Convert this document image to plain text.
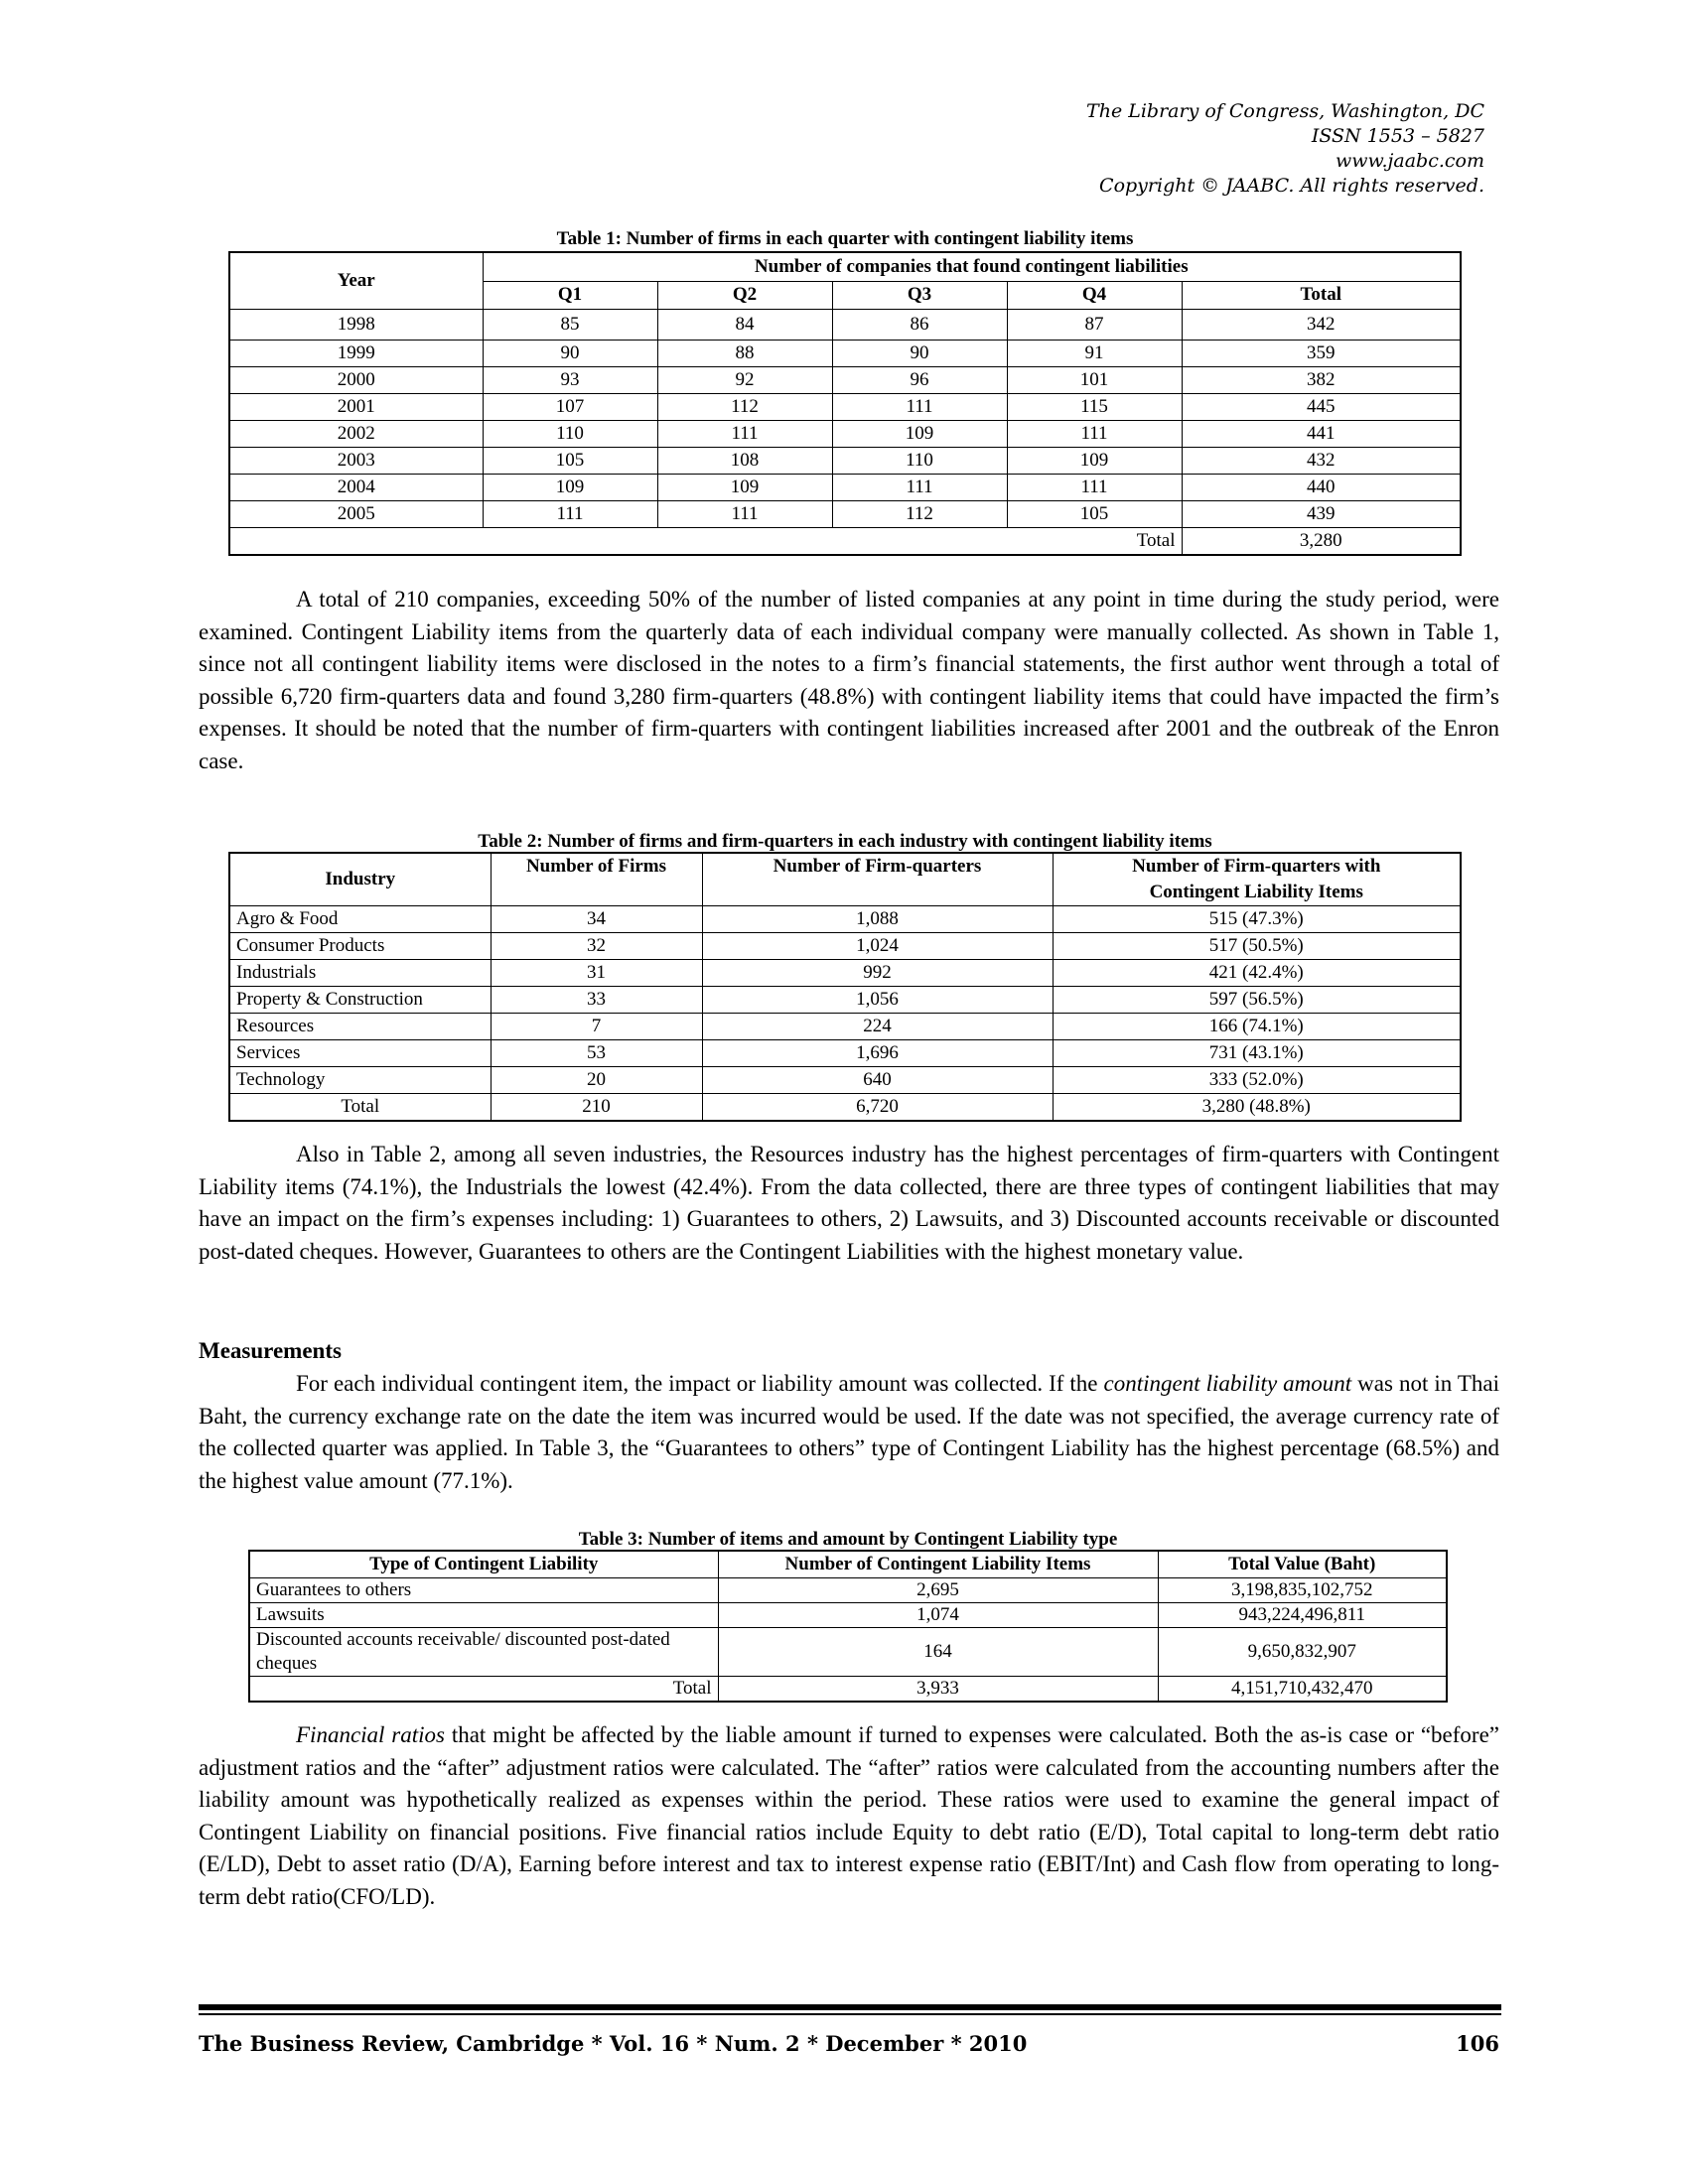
The Library of Congress, Washington, DC
ISSN 1553 – 5827
www.jaabc.com
Copyright © JAABC. All rights reserved.
Table 1: Number of firms in each quarter with contingent liability items
Year	Number of companies that found contingent liabilities				
	Q1	Q2	Q3	Q4	Total
1998	85	84	86	87	342
1999	90	88	90	91	359
2000	93	92	96	101	382
2001	107	112	111	115	445
2002	110	111	109	111	441
2003	105	108	110	109	432
2004	109	109	111	111	440
2005	111	111	112	105	439
Total					3,280
A total of 210 companies, exceeding 50% of the number of listed companies at any point in time during the study period, were examined. Contingent Liability items from the quarterly data of each individual company were manually collected. As shown in Table 1, since not all contingent liability items were disclosed in the notes to a firm’s financial statements, the first author went through a total of possible 6,720 firm-quarters data and found 3,280 firm-quarters (48.8%) with contingent liability items that could have impacted the firm’s expenses. It should be noted that the number of firm-quarters with contingent liabilities increased after 2001 and the outbreak of the Enron case.
Table 2: Number of firms and firm-quarters in each industry with contingent liability items
Industry	Number of Firms	Number of Firm-quarters	Number of Firm-quarters with
Contingent Liability Items
Agro & Food	34	1,088	515 (47.3%)
Consumer Products	32	1,024	517 (50.5%)
Industrials	31	992	421 (42.4%)
Property & Construction	33	1,056	597 (56.5%)
Resources	7	224	166 (74.1%)
Services	53	1,696	731 (43.1%)
Technology	20	640	333 (52.0%)
Total	210	6,720	3,280 (48.8%)
Also in Table 2, among all seven industries, the Resources industry has the highest percentages of firm-quarters with Contingent Liability items (74.1%), the Industrials the lowest (42.4%). From the data collected, there are three types of contingent liabilities that may have an impact on the firm’s expenses including: 1) Guarantees to others, 2) Lawsuits, and 3) Discounted accounts receivable or discounted post-dated cheques. However, Guarantees to others are the Contingent Liabilities with the highest monetary value.
Measurements
For each individual contingent item, the impact or liability amount was collected. If the contingent liability amount was not in Thai Baht, the currency exchange rate on the date the item was incurred would be used. If the date was not specified, the average currency rate of the collected quarter was applied. In Table 3, the “Guarantees to others” type of Contingent Liability has the highest percentage (68.5%) and the highest value amount (77.1%).
Table 3: Number of items and amount by Contingent Liability type
Type of Contingent Liability	Number of Contingent Liability Items	Total Value (Baht)
Guarantees to others	2,695	3,198,835,102,752
Lawsuits	1,074	943,224,496,811
Discounted accounts receivable/ discounted post-dated cheques	164	9,650,832,907
Total	3,933	4,151,710,432,470
Financial ratios that might be affected by the liable amount if turned to expenses were calculated. Both the as-is case or “before” adjustment ratios and the “after” adjustment ratios were calculated. The “after” ratios were calculated from the accounting numbers after the liability amount was hypothetically realized as expenses within the period. These ratios were used to examine the general impact of Contingent Liability on financial positions. Five financial ratios include Equity to debt ratio (E/D), Total capital to long-term debt ratio (E/LD), Debt to asset ratio (D/A), Earning before interest and tax to interest expense ratio (EBIT/Int) and Cash flow from operating to long-term debt ratio(CFO/LD).
The Business Review, Cambridge * Vol. 16 * Num. 2 * December * 2010	106
